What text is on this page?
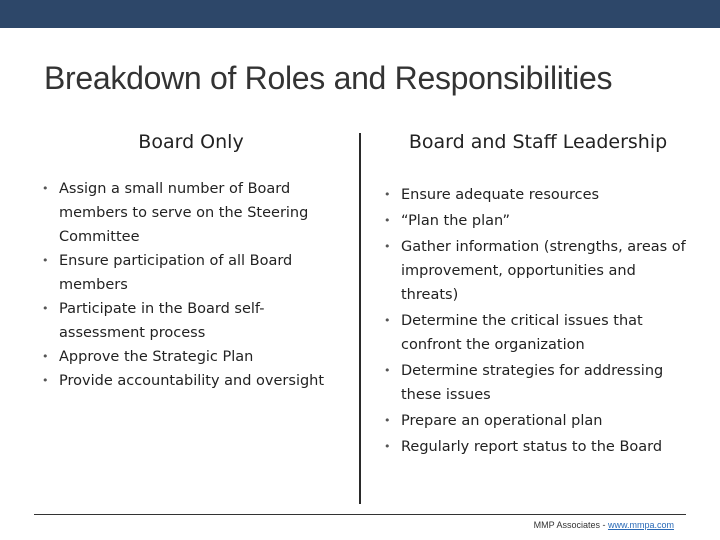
Breakdown of Roles and Responsibilities
Board Only	Board and Staff Leadership
• Assign a small number of Board members to serve on the Steering Committee
• Ensure participation of all Board members
• Participate in the Board self-assessment process
• Approve the Strategic Plan
• Provide accountability and oversight
• Ensure adequate resources
• “Plan the plan”
• Gather information (strengths, areas of improvement, opportunities and threats)
• Determine the critical issues that confront the organization
• Determine strategies for addressing these issues
• Prepare an operational plan
• Regularly report status to the Board
MMP Associates - www.mmpa.com
